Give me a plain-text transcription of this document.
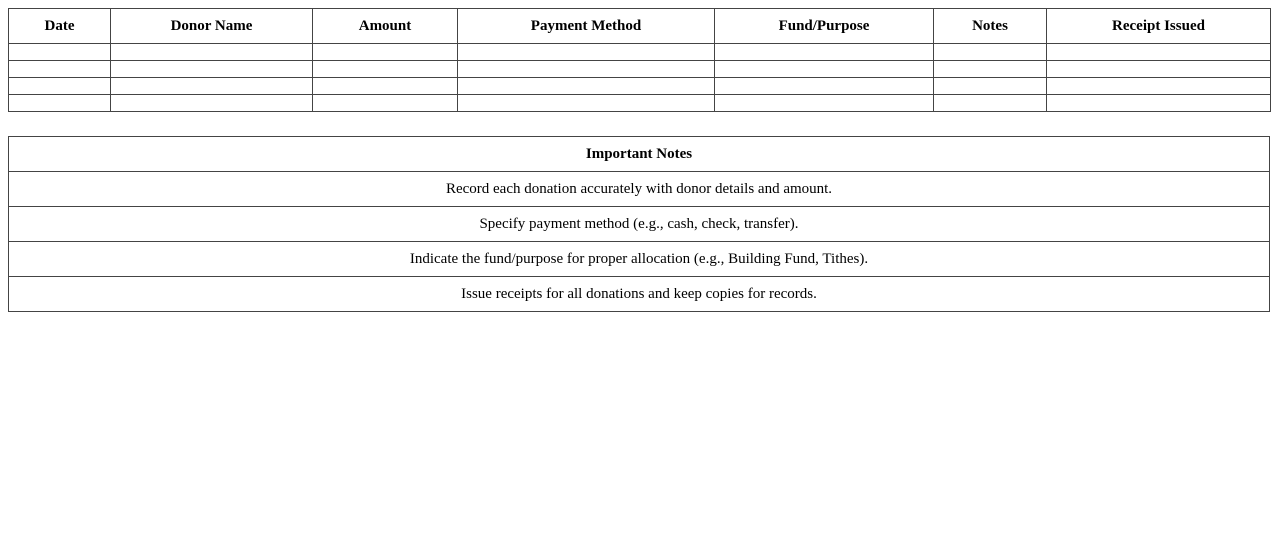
Date	Donor Name	Amount	Payment Method	Fund/Purpose	Notes	Receipt Issued

Important Notes
Record each donation accurately with donor details and amount.
Specify payment method (e.g., cash, check, transfer).
Indicate the fund/purpose for proper allocation (e.g., Building Fund, Tithes).
Issue receipts for all donations and keep copies for records.
